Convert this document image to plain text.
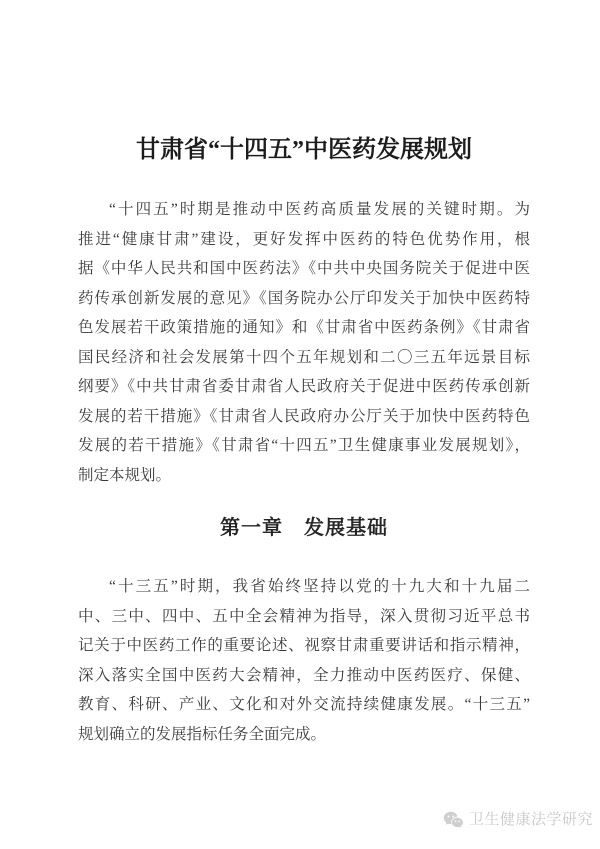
甘肃省“十四五”中医药发展规划
“十四五”时期是推动中医药高质量发展的关键时期。为
推进“健康甘肃”建设，更好发挥中医药的特色优势作用，根
据《中华人民共和国中医药法》《中共中央国务院关于促进中医
药传承创新发展的意见》《国务院办公厅印发关于加快中医药特
色发展若干政策措施的通知》和《甘肃省中医药条例》《甘肃省
国民经济和社会发展第十四个五年规划和二〇三五年远景目标
纲要》《中共甘肃省委甘肃省人民政府关于促进中医药传承创新
发展的若干措施》《甘肃省人民政府办公厅关于加快中医药特色
发展的若干措施》《甘肃省“十四五”卫生健康事业发展规划》，
制定本规划。
第一章　发展基础
“十三五”时期，我省始终坚持以党的十九大和十九届二
中、三中、四中、五中全会精神为指导，深入贯彻习近平总书
记关于中医药工作的重要论述、视察甘肃重要讲话和指示精神，
深入落实全国中医药大会精神，全力推动中医药医疗、保健、
教育、科研、产业、文化和对外交流持续健康发展。“十三五”
规划确立的发展指标任务全面完成。
卫生健康法学研究
